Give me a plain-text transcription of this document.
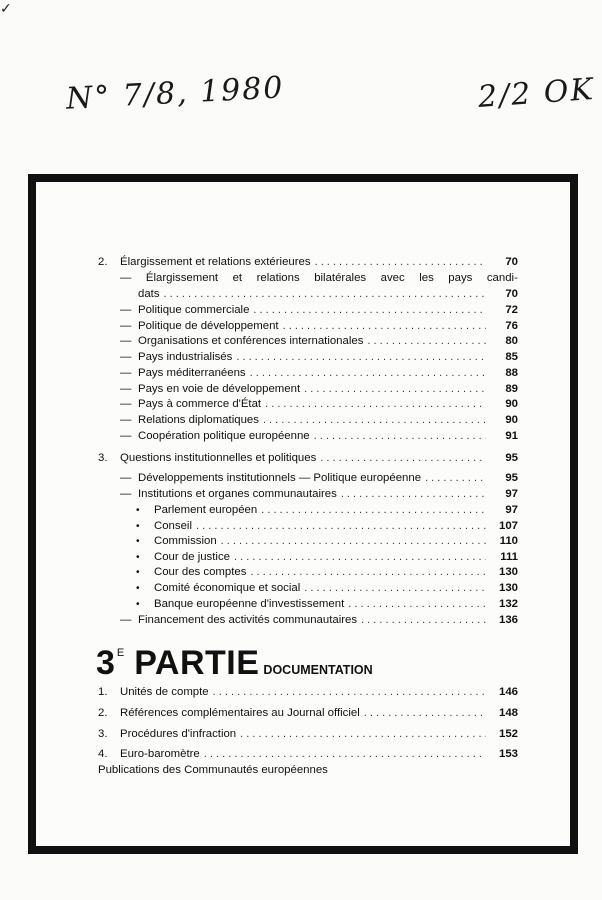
✓
N° 7/8, 1980	2/2 OK
2.	Élargissement et relations extérieures . . .	70
— Élargissement et relations bilatérales avec les pays candi-
dats . . .	70
— Politique commerciale . . .	72
— Politique de développement . . .	76
— Organisations et conférences internationales . . .	80
— Pays industrialisés . . .	85
— Pays méditerranéens . . .	88
— Pays en voie de développement . . .	89
— Pays à commerce d'État . . .	90
— Relations diplomatiques . . .	90
— Coopération politique européenne . . .	91
3.	Questions institutionnelles et politiques . . .	95
— Développements institutionnels — Politique européenne . . .	95
— Institutions et organes communautaires . . .	97
•	Parlement européen . . .	97
•	Conseil . . .	107
•	Commission . . .	110
•	Cour de justice . . .	111
•	Cour des comptes . . .	130
•	Comité économique et social . . .	130
•	Banque européenne d'investissement . . .	132
— Financement des activités communautaires . . .	136
3 E PARTIE DOCUMENTATION
1.	Unités de compte . . .	146
2.	Références complémentaires au Journal officiel . . .	148
3.	Procédures d'infraction . . .	152
4.	Euro-baromètre . . .	153
Publications des Communautés européennes
